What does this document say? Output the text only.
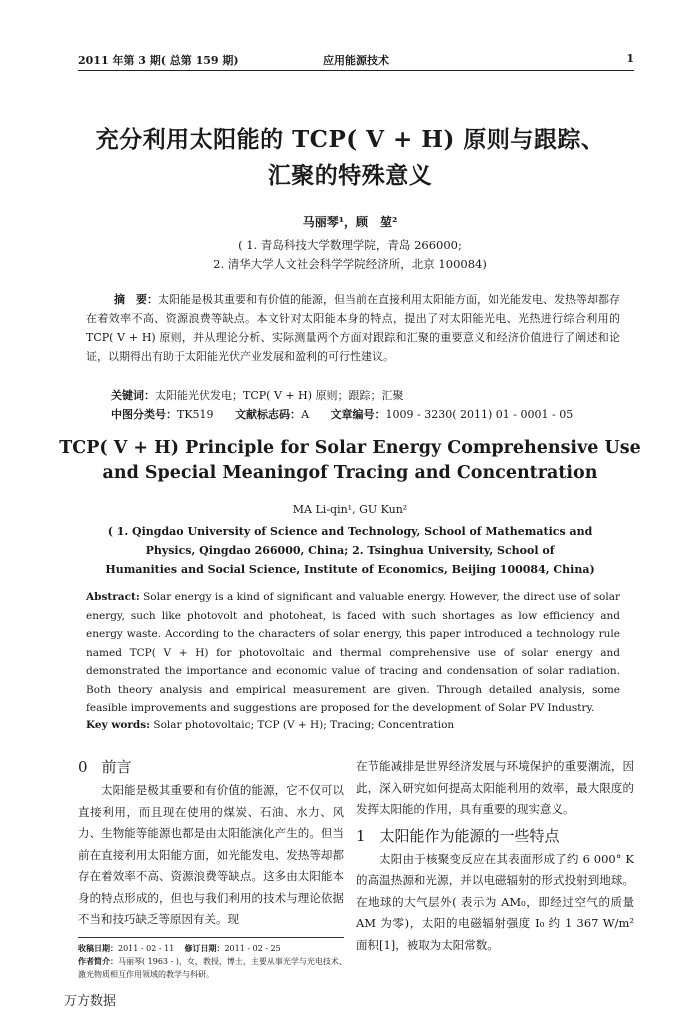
2011 年第 3 期( 总第 159 期)	应用能源技术	1
充分利用太阳能的 TCP( V + H) 原则与跟踪、
汇聚的特殊意义
马丽琴¹，顾　堃²
( 1. 青岛科技大学数理学院，青岛 266000;
2. 清华大学人文社会科学学院经济所，北京 100084)
摘　要：太阳能是极其重要和有价值的能源，但当前在直接利用太阳能方面，如光能发电、发热等却都存在着效率不高、资源浪费等缺点。本文针对太阳能本身的特点，提出了对太阳能光电、光热进行综合利用的 TCP( V + H) 原则，并从理论分析、实际测量两个方面对跟踪和汇聚的重要意义和经济价值进行了阐述和论证，以期得出有助于太阳能光伏产业发展和盈利的可行性建议。
关键词：太阳能光伏发电；TCP( V + H) 原则；跟踪；汇聚
中图分类号：TK519 文献标志码：A 文章编号：1009 - 3230( 2011) 01 - 0001 - 05
TCP( V + H) Principle for Solar Energy Comprehensive Use
and Special Meaningof Tracing and Concentration
MA Li-qin¹, GU Kun²
( 1. Qingdao University of Science and Technology, School of Mathematics and
Physics, Qingdao 266000, China; 2. Tsinghua University, School of
Humanities and Social Science, Institute of Economics, Beijing 100084, China)
Abstract: Solar energy is a kind of significant and valuable energy. However, the direct use of solar energy, such like photovolt and photoheat, is faced with such shortages as low efficiency and energy waste. According to the characters of solar energy, this paper introduced a technology rule named TCP( V + H) for photovoltaic and thermal comprehensive use of solar energy and demonstrated the importance and economic value of tracing and condensation of solar radiation. Both theory analysis and empirical measurement are given. Through detailed analysis, some feasible improvements and suggestions are proposed for the development of Solar PV Industry.
Key words: Solar photovoltaic; TCP (V + H); Tracing; Concentration
0 前言
太阳能是极其重要和有价值的能源，它不仅可以直接利用，而且现在使用的煤炭、石油、水力、风力、生物能等能源也都是由太阳能演化产生的。但当前在直接利用太阳能方面，如光能发电、发热等却都存在着效率不高、资源浪费等缺点。这多由太阳能本身的特点形成的，但也与我们利用的技术与理论依据不当和技巧缺乏等原因有关。现
在节能减排是世界经济发展与环境保护的重要潮流，因此，深入研究如何提高太阳能利用的效率，最大限度的发挥太阳能的作用，具有重要的现实意义。
1 太阳能作为能源的一些特点
太阳由于核聚变反应在其表面形成了约 6 000° K的高温热源和光源，并以电磁辐射的形式投射到地球。在地球的大气层外( 表示为 AM₀，即经过空气的质量 AM 为零)，太阳的电磁辐射强度 I₀ 约 1 367 W/m² 面积[1]，被取为太阳常数。
收稿日期：2011 - 02 - 11 修订日期：2011 - 02 - 25
作者简介：马丽琴( 1963 - )，女，教授，博士，主要从事光学与光电技术、激光物质相互作用领域的教学与科研。
万方数据
